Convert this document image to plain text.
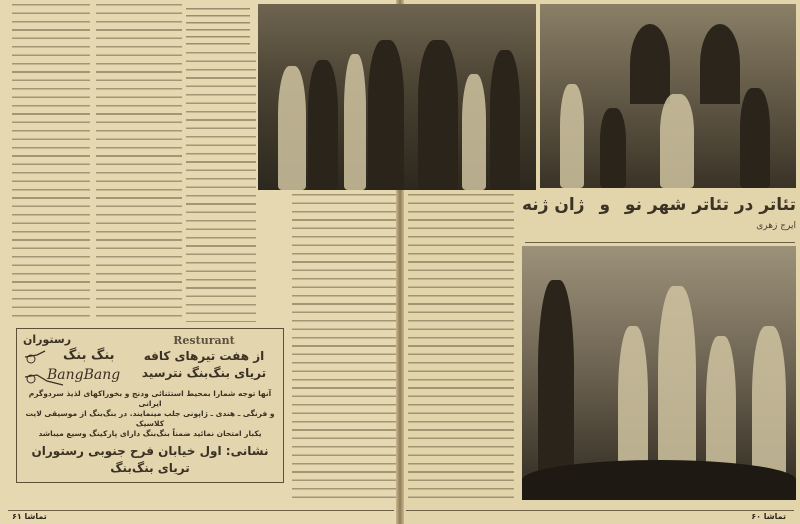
تئاتر در تئاتر شهر نو
و
ژان ژنه
ایرج زهری
رستوران
بنگ بنگ
BangBang
Resturant
از هفت تیرهای کافه
تریای بنگ‌بنگ نترسید
آنها توجه شمارا بمحیط استثنائی ودنج و بخوراکهای لذیذ سردوگرم ایرانی
و فرنگی ـ هندی ـ ژاپونی جلب مینمایند. در بنگ‌بنگ از موسیقی لایت کلاسیک
یکبار امتحان نمائید ضمناً بنگ‌بنگ دارای پارکینگ وسیع میباشد
نشانی: اول خیابان فرح جنوبی رستوران
تریای بنگ‌بنگ
تماشا ۶۱	تماشا ۶۰
